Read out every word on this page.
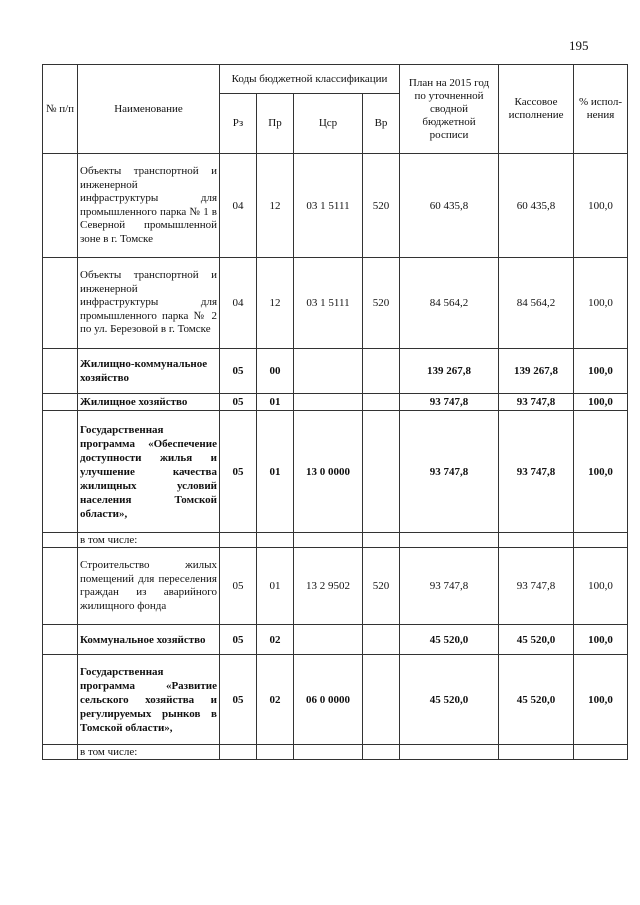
195
№ п/п	Наименование	Коды бюджетной классификации				План на 2015 год по уточненной сводной бюджетной росписи	Кассовое исполнение	% испол-нения
		Рз	Пр	Цср	Вр			
	Объекты транспортной и инженерной инфраструктуры для промышленного парка № 1 в Северной промышленной зоне в г. Томске	04	12	03 1 5111	520	60 435,8	60 435,8	100,0
	Объекты транспортной и инженерной инфраструктуры для промышленного парка № 2 по ул. Березовой в г. Томске	04	12	03 1 5111	520	84 564,2	84 564,2	100,0
	Жилищно-коммунальное хозяйство	05	00			139 267,8	139 267,8	100,0
	Жилищное хозяйство	05	01			93 747,8	93 747,8	100,0
	Государственная программа «Обеспечение доступности жилья и улучшение качества жилищных условий населения Томской области»,	05	01	13 0 0000		93 747,8	93 747,8	100,0
	в том числе:							
	Строительство жилых помещений для переселения граждан из аварийного жилищного фонда	05	01	13 2 9502	520	93 747,8	93 747,8	100,0
	Коммунальное хозяйство	05	02			45 520,0	45 520,0	100,0
	Государственная программа «Развитие сельского хозяйства и регулируемых рынков в Томской области»,	05	02	06 0 0000		45 520,0	45 520,0	100,0
	в том числе:							
